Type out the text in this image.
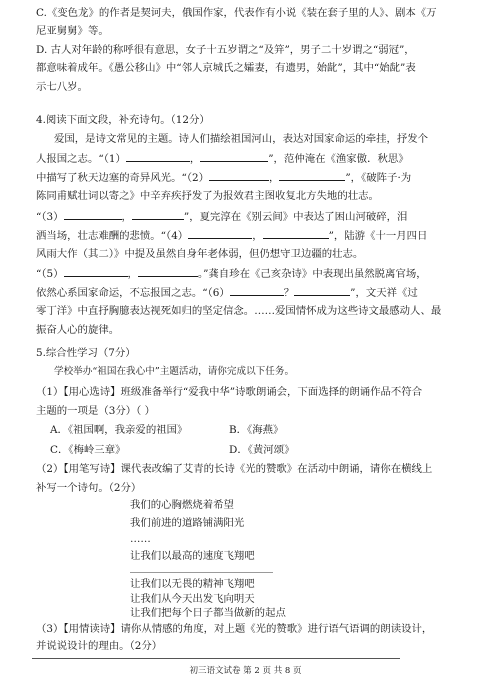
C.《变色龙》的作者是契诃夫，俄国作家，代表作有小说《装在套子里的人》、剧本《万
尼亚舅舅》等。
D. 古人对年龄的称呼很有意思，女子十五岁谓之“及笄”，男子二十岁谓之“弱冠”，
都意味着成年。《愚公移山》中“邻人京城氏之孀妻，有遗男，始龀”，其中“始龀”表
示七八岁。
4.阅读下面文段，补充诗句。（12分）
爱国，是诗文常见的主题。诗人们描绘祖国河山，表达对国家命运的牵挂，抒发个
人报国之志。“（1）	，	”，范仲淹在《渔家傲．秋思》
中描写了秋天边塞的奇异风光。“（2）	，	”，《破阵子·为
陈同甫赋壮词以寄之》中辛弃疾抒发了为报效君主图收复北方失地的壮志。
“（3）	，	”，夏完淳在《别云间》中表达了困山河破碎，泪
洒当场，壮志难酬的悲愤。“（4）	，	”，陆游《十一月四日
风雨大作（其二）》中提及虽然自身年老体弱，但仍想守卫边疆的壮志。
“（5）	，	。”龚自珍在《己亥杂诗》中表现出虽然脱离官场，
依然心系国家命运，不忘报国之志。“（6）	？	”，文天祥《过
零丁洋》中直抒胸臆表达视死如归的坚定信念。……爱国情怀成为这些诗文最感动人、最
振奋人心的旋律。
5.综合性学习（7分）
学校举办“祖国在我心中”主题活动，请你完成以下任务。
（1）【用心选诗】班级准备举行“爱我中华”诗歌朗诵会，下面选择的朗诵作品不符合
主题的一项是（3分）（ ）
A．《祖国啊，我亲爱的祖国》	B．《海燕》
C．《梅岭三章》	D．《黄河颂》
（2）【用笔写诗】课代表改编了艾青的长诗《光的赞歌》在活动中朗诵，请你在横线上
补写一个诗句。（2分）
我们的心胸燃烧着希望
我们前进的道路铺满阳光
……
让我们以最高的速度飞翔吧
让我们以无畏的精神飞翔吧
让我们从今天出发飞向明天
让我们把每个日子都当做新的起点
初三语文试卷 第 2 页 共 8 页
（3）【用情读诗】请你从情感的角度，对上题《光的赞歌》进行语气语调的朗读设计，
并说说设计的理由。（2分）
